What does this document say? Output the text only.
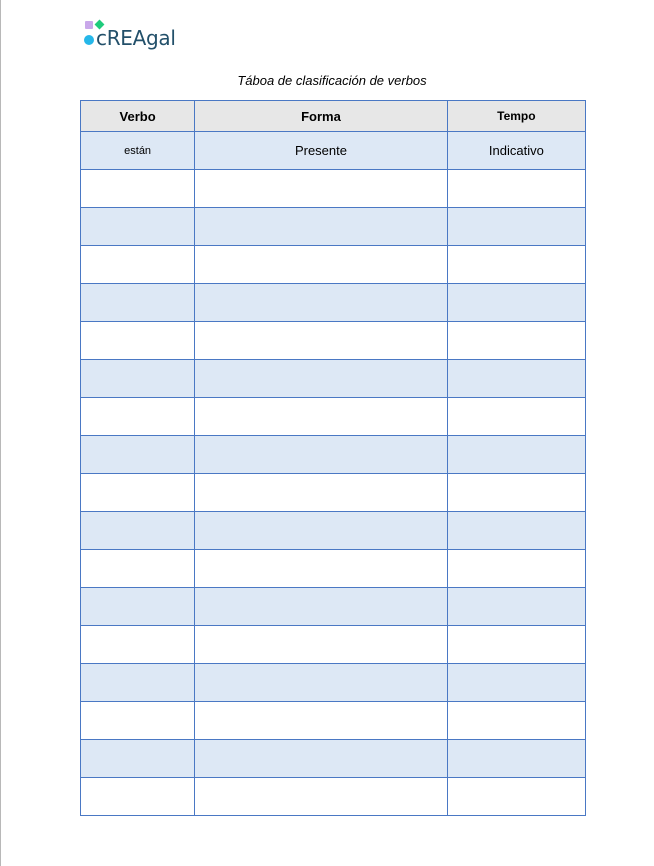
cREAgal
Táboa de clasificación de verbos
Verbo	Forma	Tempo
están	Presente	Indicativo
